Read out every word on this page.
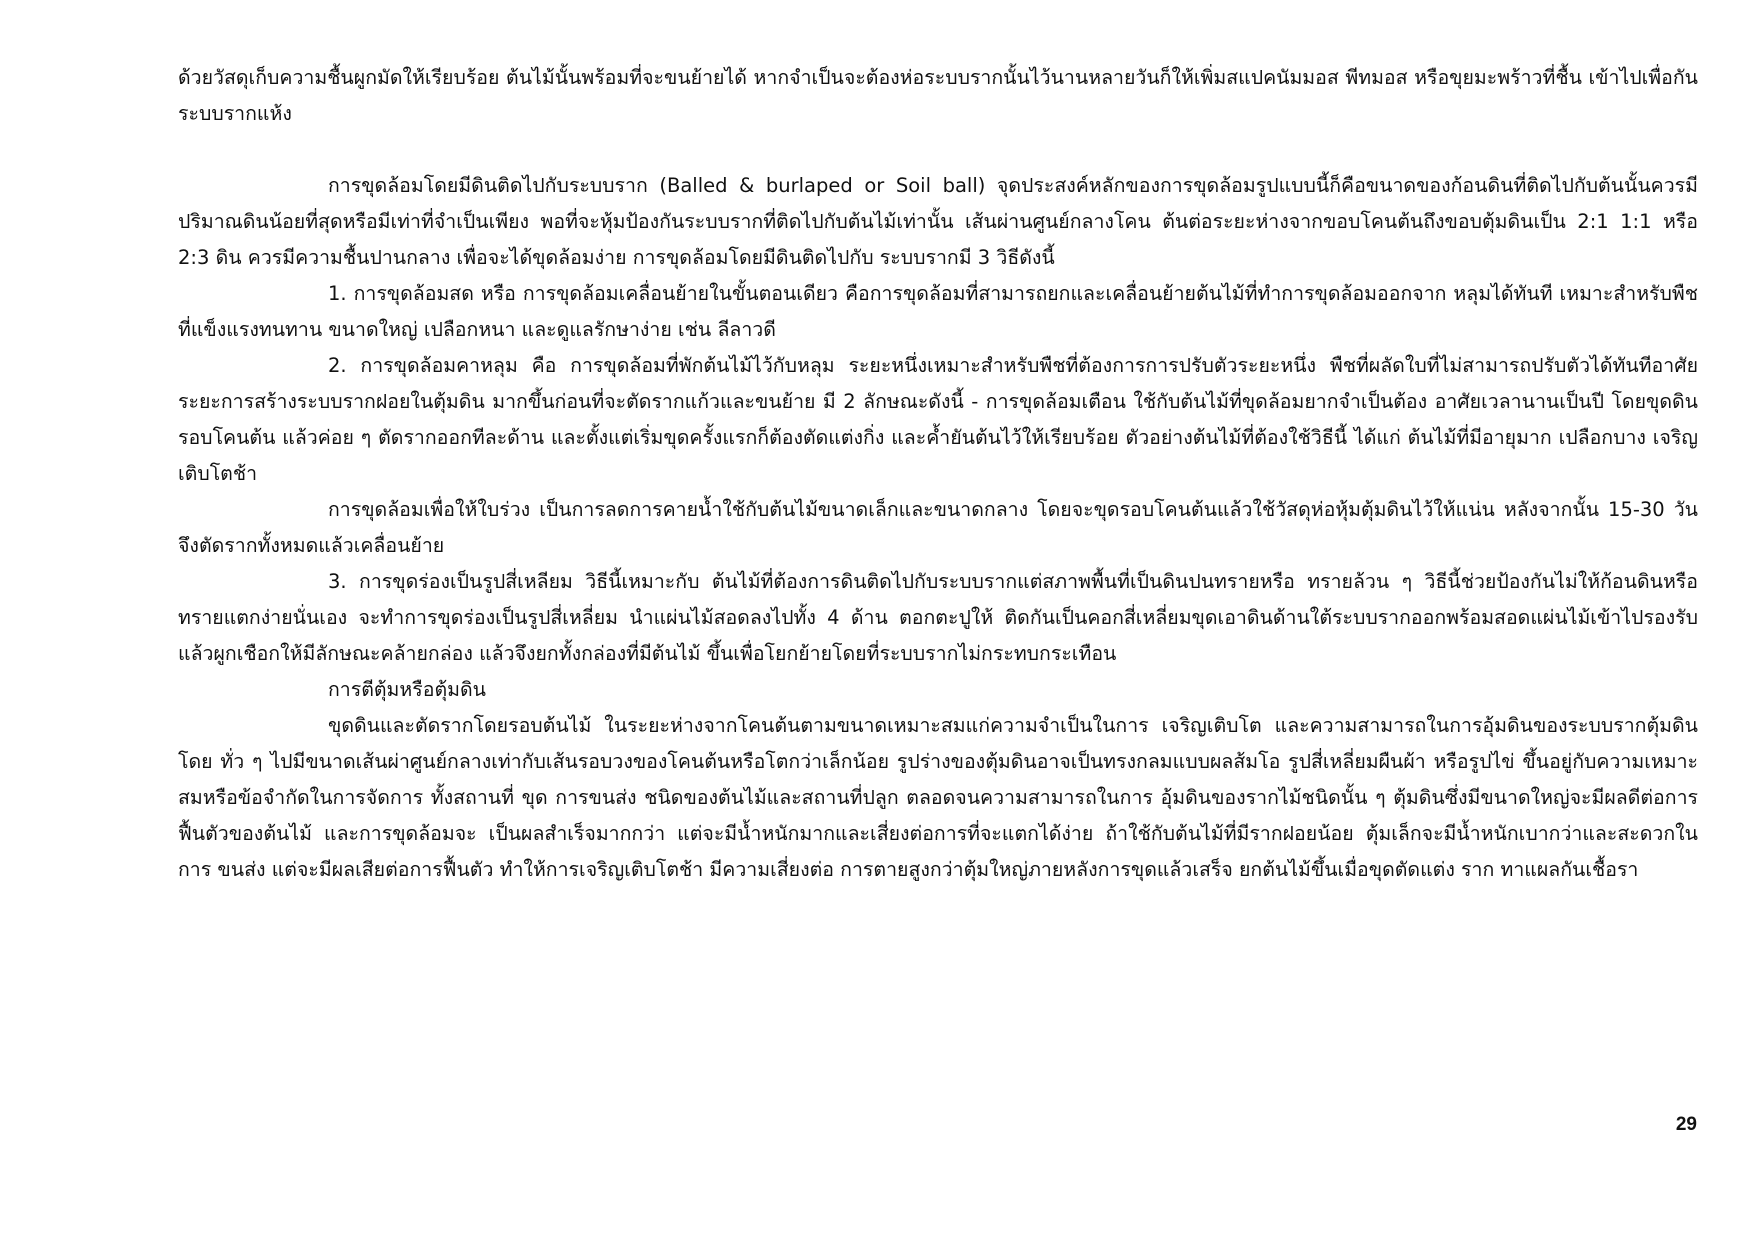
ด้วยวัสดุเก็บความชื้นผูกมัดให้เรียบร้อย ต้นไม้นั้นพร้อมที่จะขนย้ายได้ หากจำเป็นจะต้องห่อระบบรากนั้นไว้นานหลายวันก็ให้เพิ่มสแปคนัมมอส พีทมอส หรือขุยมะพร้าวที่ชื้น เข้าไปเพื่อกันระบบรากแห้ง

การขุดล้อมโดยมีดินติดไปกับระบบราก (Balled & burlaped or Soil ball) จุดประสงค์หลักของการขุดล้อมรูปแบบนี้ก็คือขนาดของก้อนดินที่ติดไปกับต้นนั้นควรมีปริมาณดินน้อยที่สุดหรือมีเท่าที่จำเป็นเพียง พอที่จะหุ้มป้องกันระบบรากที่ติดไปกับต้นไม้เท่านั้น เส้นผ่านศูนย์กลางโคน ต้นต่อระยะห่างจากขอบโคนต้นถึงขอบตุ้มดินเป็น 2:1 1:1 หรือ 2:3 ดิน ควรมีความชื้นปานกลาง เพื่อจะได้ขุดล้อมง่าย การขุดล้อมโดยมีดินติดไปกับ ระบบรากมี 3 วิธีดังนี้

1. การขุดล้อมสด หรือ การขุดล้อมเคลื่อนย้ายในขั้นตอนเดียว คือการขุดล้อมที่สามารถยกและเคลื่อนย้ายต้นไม้ที่ทำการขุดล้อมออกจาก หลุมได้ทันที เหมาะสำหรับพืชที่แข็งแรงทนทาน ขนาดใหญ่ เปลือกหนา และดูแลรักษาง่าย เช่น ลีลาวดี

2. การขุดล้อมคาหลุม คือ การขุดล้อมที่พักต้นไม้ไว้กับหลุม ระยะหนึ่งเหมาะสำหรับพืชที่ต้องการการปรับตัวระยะหนึ่ง พืชที่ผลัดใบที่ไม่สามารถปรับตัวได้ทันทีอาศัยระยะการสร้างระบบรากฝอยในตุ้มดิน มากขึ้นก่อนที่จะตัดรากแก้วและขนย้าย มี 2 ลักษณะดังนี้ - การขุดล้อมเตือน ใช้กับต้นไม้ที่ขุดล้อมยากจำเป็นต้อง อาศัยเวลานานเป็นปี โดยขุดดินรอบโคนต้น แล้วค่อย ๆ ตัดรากออกทีละด้าน และตั้งแต่เริ่มขุดครั้งแรกก็ต้องตัดแต่งกิ่ง และค้ำยันต้นไว้ให้เรียบร้อย ตัวอย่างต้นไม้ที่ต้องใช้วิธีนี้ ได้แก่ ต้นไม้ที่มีอายุมาก เปลือกบาง เจริญเติบโตช้า

การขุดล้อมเพื่อให้ใบร่วง เป็นการลดการคายน้ำใช้กับต้นไม้ขนาดเล็กและขนาดกลาง โดยจะขุดรอบโคนต้นแล้วใช้วัสดุห่อหุ้มตุ้มดินไว้ให้แน่น หลังจากนั้น 15-30 วัน จึงตัดรากทั้งหมดแล้วเคลื่อนย้าย

3. การขุดร่องเป็นรูปสี่เหลียม วิธีนี้เหมาะกับ ต้นไม้ที่ต้องการดินติดไปกับระบบรากแต่สภาพพื้นที่เป็นดินปนทรายหรือ ทรายล้วน ๆ วิธีนี้ช่วยป้องกันไม่ให้ก้อนดินหรือทรายแตกง่ายนั่นเอง จะทำการขุดร่องเป็นรูปสี่เหลี่ยม นำแผ่นไม้สอดลงไปทั้ง 4 ด้าน ตอกตะปูให้ ติดกันเป็นคอกสี่เหลี่ยมขุดเอาดินด้านใต้ระบบรากออกพร้อมสอดแผ่นไม้เข้าไปรองรับแล้วผูกเชือกให้มีลักษณะคล้ายกล่อง แล้วจึงยกทั้งกล่องที่มีต้นไม้ ขึ้นเพื่อโยกย้ายโดยที่ระบบรากไม่กระทบกระเทือน

การตีตุ้มหรือตุ้มดิน

ขุดดินและตัดรากโดยรอบต้นไม้ ในระยะห่างจากโคนต้นตามขนาดเหมาะสมแก่ความจำเป็นในการ เจริญเติบโต และความสามารถในการอุ้มดินของระบบรากตุ้มดินโดย ทั่ว ๆ ไปมีขนาดเส้นผ่าศูนย์กลางเท่ากับเส้นรอบวงของโคนต้นหรือโตกว่าเล็กน้อย รูปร่างของตุ้มดินอาจเป็นทรงกลมแบบผลส้มโอ รูปสี่เหลี่ยมผืนผ้า หรือรูปไข่ ขึ้นอยู่กับความเหมาะสมหรือข้อจำกัดในการจัดการ ทั้งสถานที่ ขุด การขนส่ง ชนิดของต้นไม้และสถานที่ปลูก ตลอดจนความสามารถในการ อุ้มดินของรากไม้ชนิดนั้น ๆ ตุ้มดินซึ่งมีขนาดใหญ่จะมีผลดีต่อการฟื้นตัวของต้นไม้ และการขุดล้อมจะ เป็นผลสำเร็จมากกว่า แต่จะมีน้ำหนักมากและเสี่ยงต่อการที่จะแตกได้ง่าย ถ้าใช้กับต้นไม้ที่มีรากฝอยน้อย ตุ้มเล็กจะมีน้ำหนักเบากว่าและสะดวกในการ ขนส่ง แต่จะมีผลเสียต่อการฟื้นตัว ทำให้การเจริญเติบโตช้า มีความเสี่ยงต่อ การตายสูงกว่าตุ้มใหญ่ภายหลังการขุดแล้วเสร็จ ยกต้นไม้ขึ้นเมื่อขุดตัดแต่ง ราก ทาแผลกันเชื้อรา

29
